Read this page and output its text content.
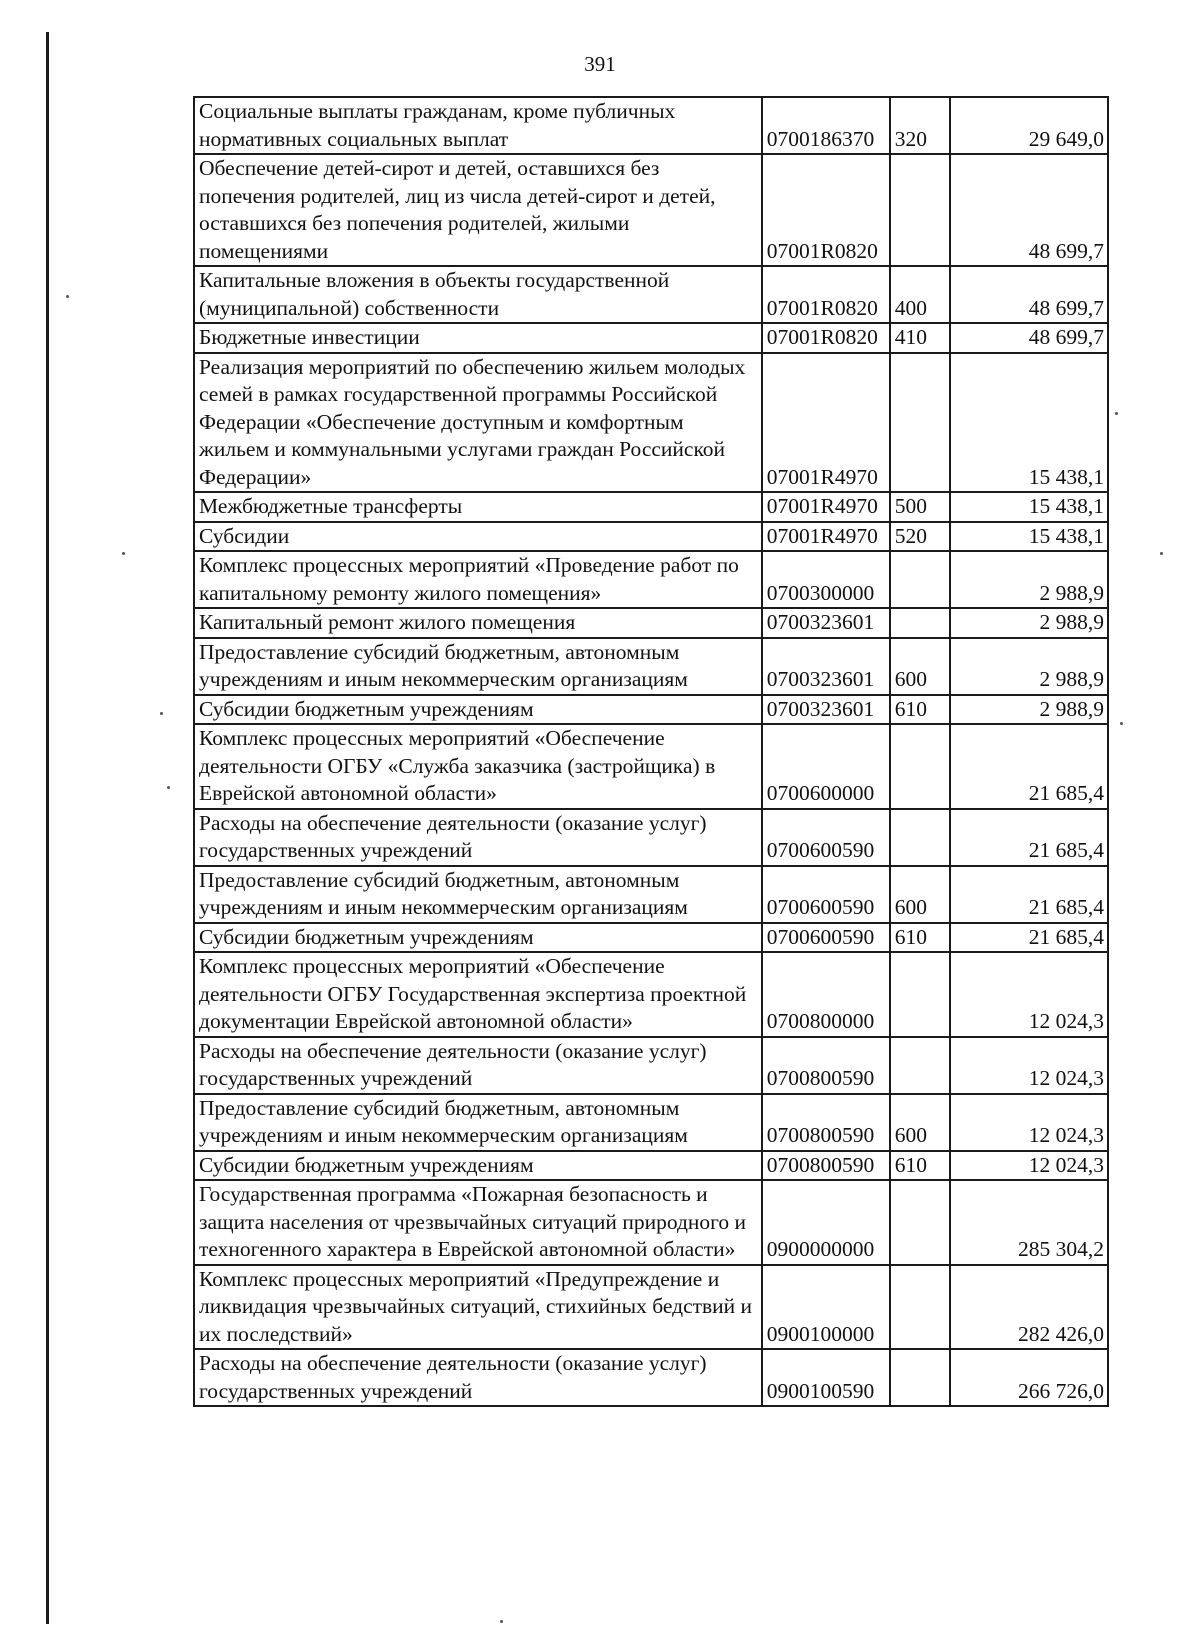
391
Социальные выплаты гражданам, кроме публичных нормативных социальных выплат	0700186370	320	29 649,0
Обеспечение детей-сирот и детей, оставшихся без попечения родителей, лиц из числа детей-сирот и детей, оставшихся без попечения родителей, жилыми помещениями	07001R0820		48 699,7
Капитальные вложения в объекты государственной (муниципальной) собственности	07001R0820	400	48 699,7
Бюджетные инвестиции	07001R0820	410	48 699,7
Реализация мероприятий по обеспечению жильем молодых семей в рамках государственной программы Российской Федерации «Обеспечение доступным и комфортным жильем и коммунальными услугами граждан Российской Федерации»	07001R4970		15 438,1
Межбюджетные трансферты	07001R4970	500	15 438,1
Субсидии	07001R4970	520	15 438,1
Комплекс процессных мероприятий «Проведение работ по капитальному ремонту жилого помещения»	0700300000		2 988,9
Капитальный ремонт жилого помещения	0700323601		2 988,9
Предоставление субсидий бюджетным, автономным учреждениям и иным некоммерческим организациям	0700323601	600	2 988,9
Субсидии бюджетным учреждениям	0700323601	610	2 988,9
Комплекс процессных мероприятий «Обеспечение деятельности ОГБУ «Служба заказчика (застройщика) в Еврейской автономной области»	0700600000		21 685,4
Расходы на обеспечение деятельности (оказание услуг) государственных учреждений	0700600590		21 685,4
Предоставление субсидий бюджетным, автономным учреждениям и иным некоммерческим организациям	0700600590	600	21 685,4
Субсидии бюджетным учреждениям	0700600590	610	21 685,4
Комплекс процессных мероприятий «Обеспечение деятельности ОГБУ Государственная экспертиза проектной документации Еврейской автономной области»	0700800000		12 024,3
Расходы на обеспечение деятельности (оказание услуг) государственных учреждений	0700800590		12 024,3
Предоставление субсидий бюджетным, автономным учреждениям и иным некоммерческим организациям	0700800590	600	12 024,3
Субсидии бюджетным учреждениям	0700800590	610	12 024,3
Государственная программа «Пожарная безопасность и защита населения от чрезвычайных ситуаций природного и техногенного характера в Еврейской автономной области»	0900000000		285 304,2
Комплекс процессных мероприятий «Предупреждение и ликвидация чрезвычайных ситуаций, стихийных бедствий и их последствий»	0900100000		282 426,0
Расходы на обеспечение деятельности (оказание услуг) государственных учреждений	0900100590		266 726,0
